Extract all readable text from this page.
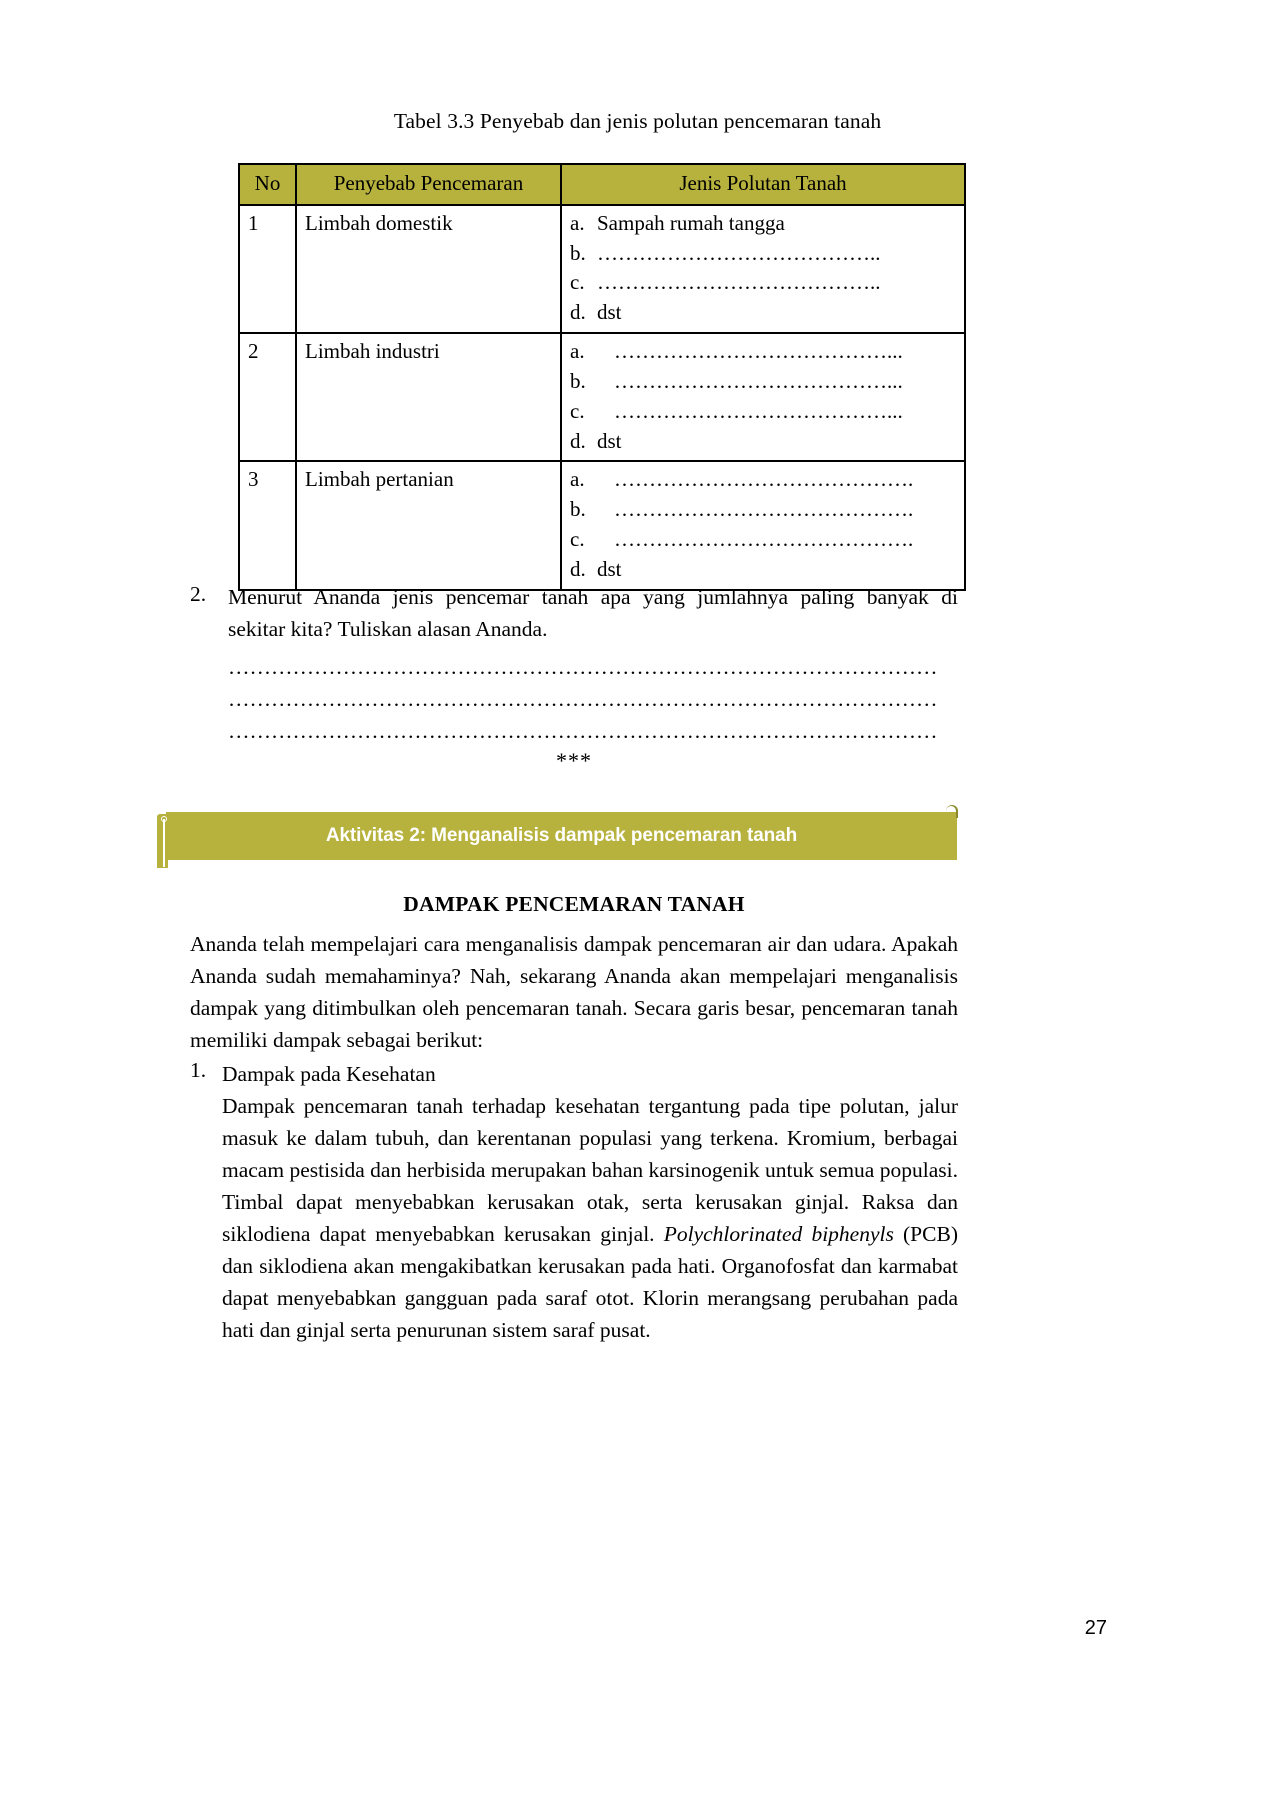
Tabel 3.3 Penyebab dan jenis polutan pencemaran tanah
No	Penyebab Pencemaran	Jenis Polutan Tanah
1	Limbah domestik	a. Sampah rumah tangga
b. …………………………………..
c. …………………………………..
d. dst

2	Limbah industri	a. …………………………………...
b. …………………………………...
c. …………………………………...
d. dst

3	Limbah pertanian	a. …………………………………….
b. …………………………………….
c. …………………………………….
d. dst
2.	Menurut Ananda jenis pencemar tanah apa yang jumlahnya paling banyak di
sekitar kita? Tuliskan alasan Ananda.
………………………………………………………………………………………
………………………………………………………………………………………
………………………………………………………………………………………
***
Aktivitas 2: Menganalisis dampak pencemaran tanah
DAMPAK PENCEMARAN TANAH

Ananda telah mempelajari cara menganalisis dampak pencemaran air dan udara. Apakah Ananda sudah memahaminya? Nah, sekarang Ananda akan mempelajari menganalisis dampak yang ditimbulkan oleh pencemaran tanah. Secara garis besar, pencemaran tanah memiliki dampak sebagai berikut:

1. Dampak pada Kesehatan

Dampak pencemaran tanah terhadap kesehatan tergantung pada tipe polutan, jalur masuk ke dalam tubuh, dan kerentanan populasi yang terkena. Kromium, berbagai macam pestisida dan herbisida merupakan bahan karsinogenik untuk semua populasi. Timbal dapat menyebabkan kerusakan otak, serta kerusakan ginjal. Raksa dan siklodiena dapat menyebabkan kerusakan ginjal. Polychlorinated biphenyls (PCB) dan siklodiena akan mengakibatkan kerusakan pada hati. Organofosfat dan karmabat dapat menyebabkan gangguan pada saraf otot. Klorin merangsang perubahan pada hati dan ginjal serta penurunan sistem saraf pusat.

27
